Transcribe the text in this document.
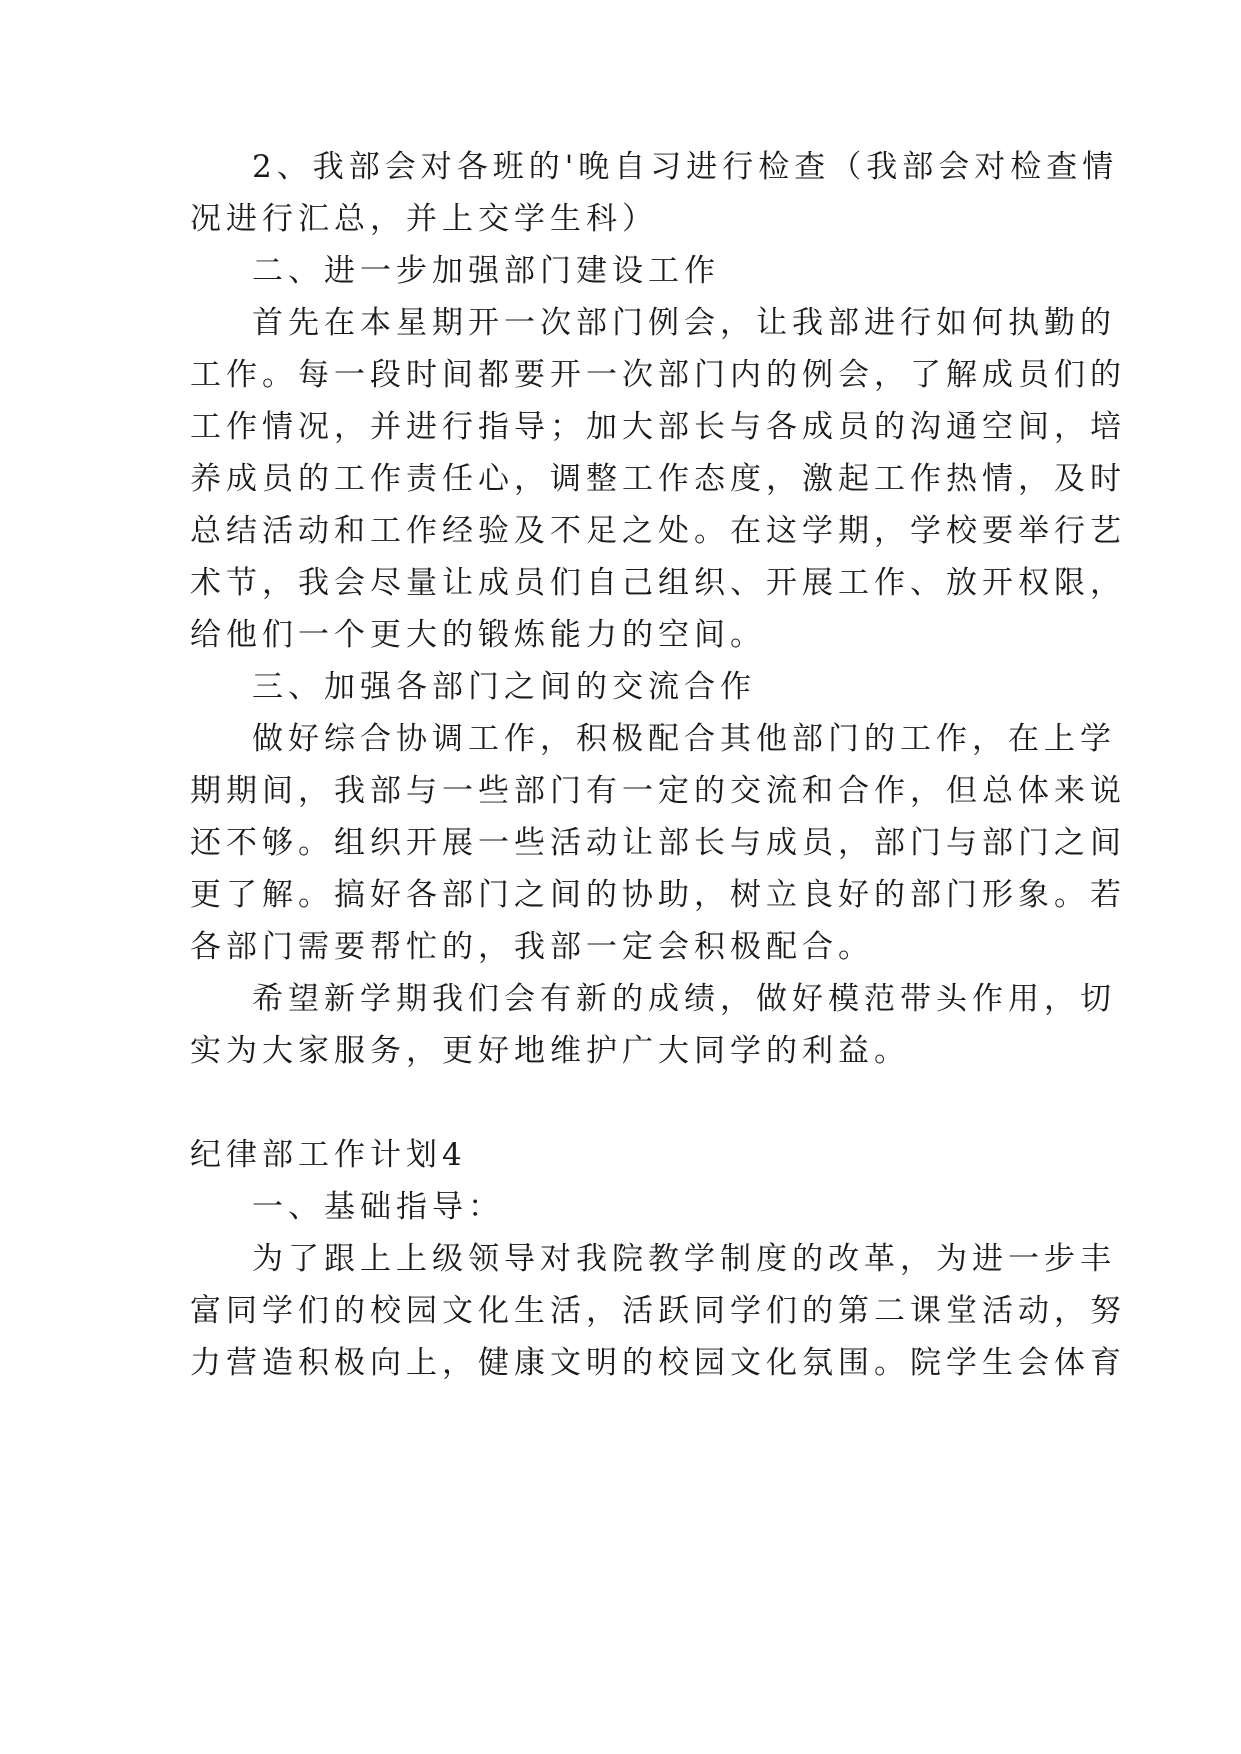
2、我部会对各班的'晚自习进行检查（我部会对检查情
况进行汇总，并上交学生科）
二、进一步加强部门建设工作
首先在本星期开一次部门例会，让我部进行如何执勤的
工作。每一段时间都要开一次部门内的例会，了解成员们的
工作情况，并进行指导；加大部长与各成员的沟通空间，培
养成员的工作责任心，调整工作态度，激起工作热情，及时
总结活动和工作经验及不足之处。在这学期，学校要举行艺
术节，我会尽量让成员们自己组织、开展工作、放开权限，
给他们一个更大的锻炼能力的空间。
三、加强各部门之间的交流合作
做好综合协调工作，积极配合其他部门的工作，在上学
期期间，我部与一些部门有一定的交流和合作，但总体来说
还不够。组织开展一些活动让部长与成员，部门与部门之间
更了解。搞好各部门之间的协助，树立良好的部门形象。若
各部门需要帮忙的，我部一定会积极配合。
希望新学期我们会有新的成绩，做好模范带头作用，切
实为大家服务，更好地维护广大同学的利益。
纪律部工作计划4
一、基础指导：
为了跟上上级领导对我院教学制度的改革，为进一步丰
富同学们的校园文化生活，活跃同学们的第二课堂活动，努
力营造积极向上，健康文明的校园文化氛围。院学生会体育
